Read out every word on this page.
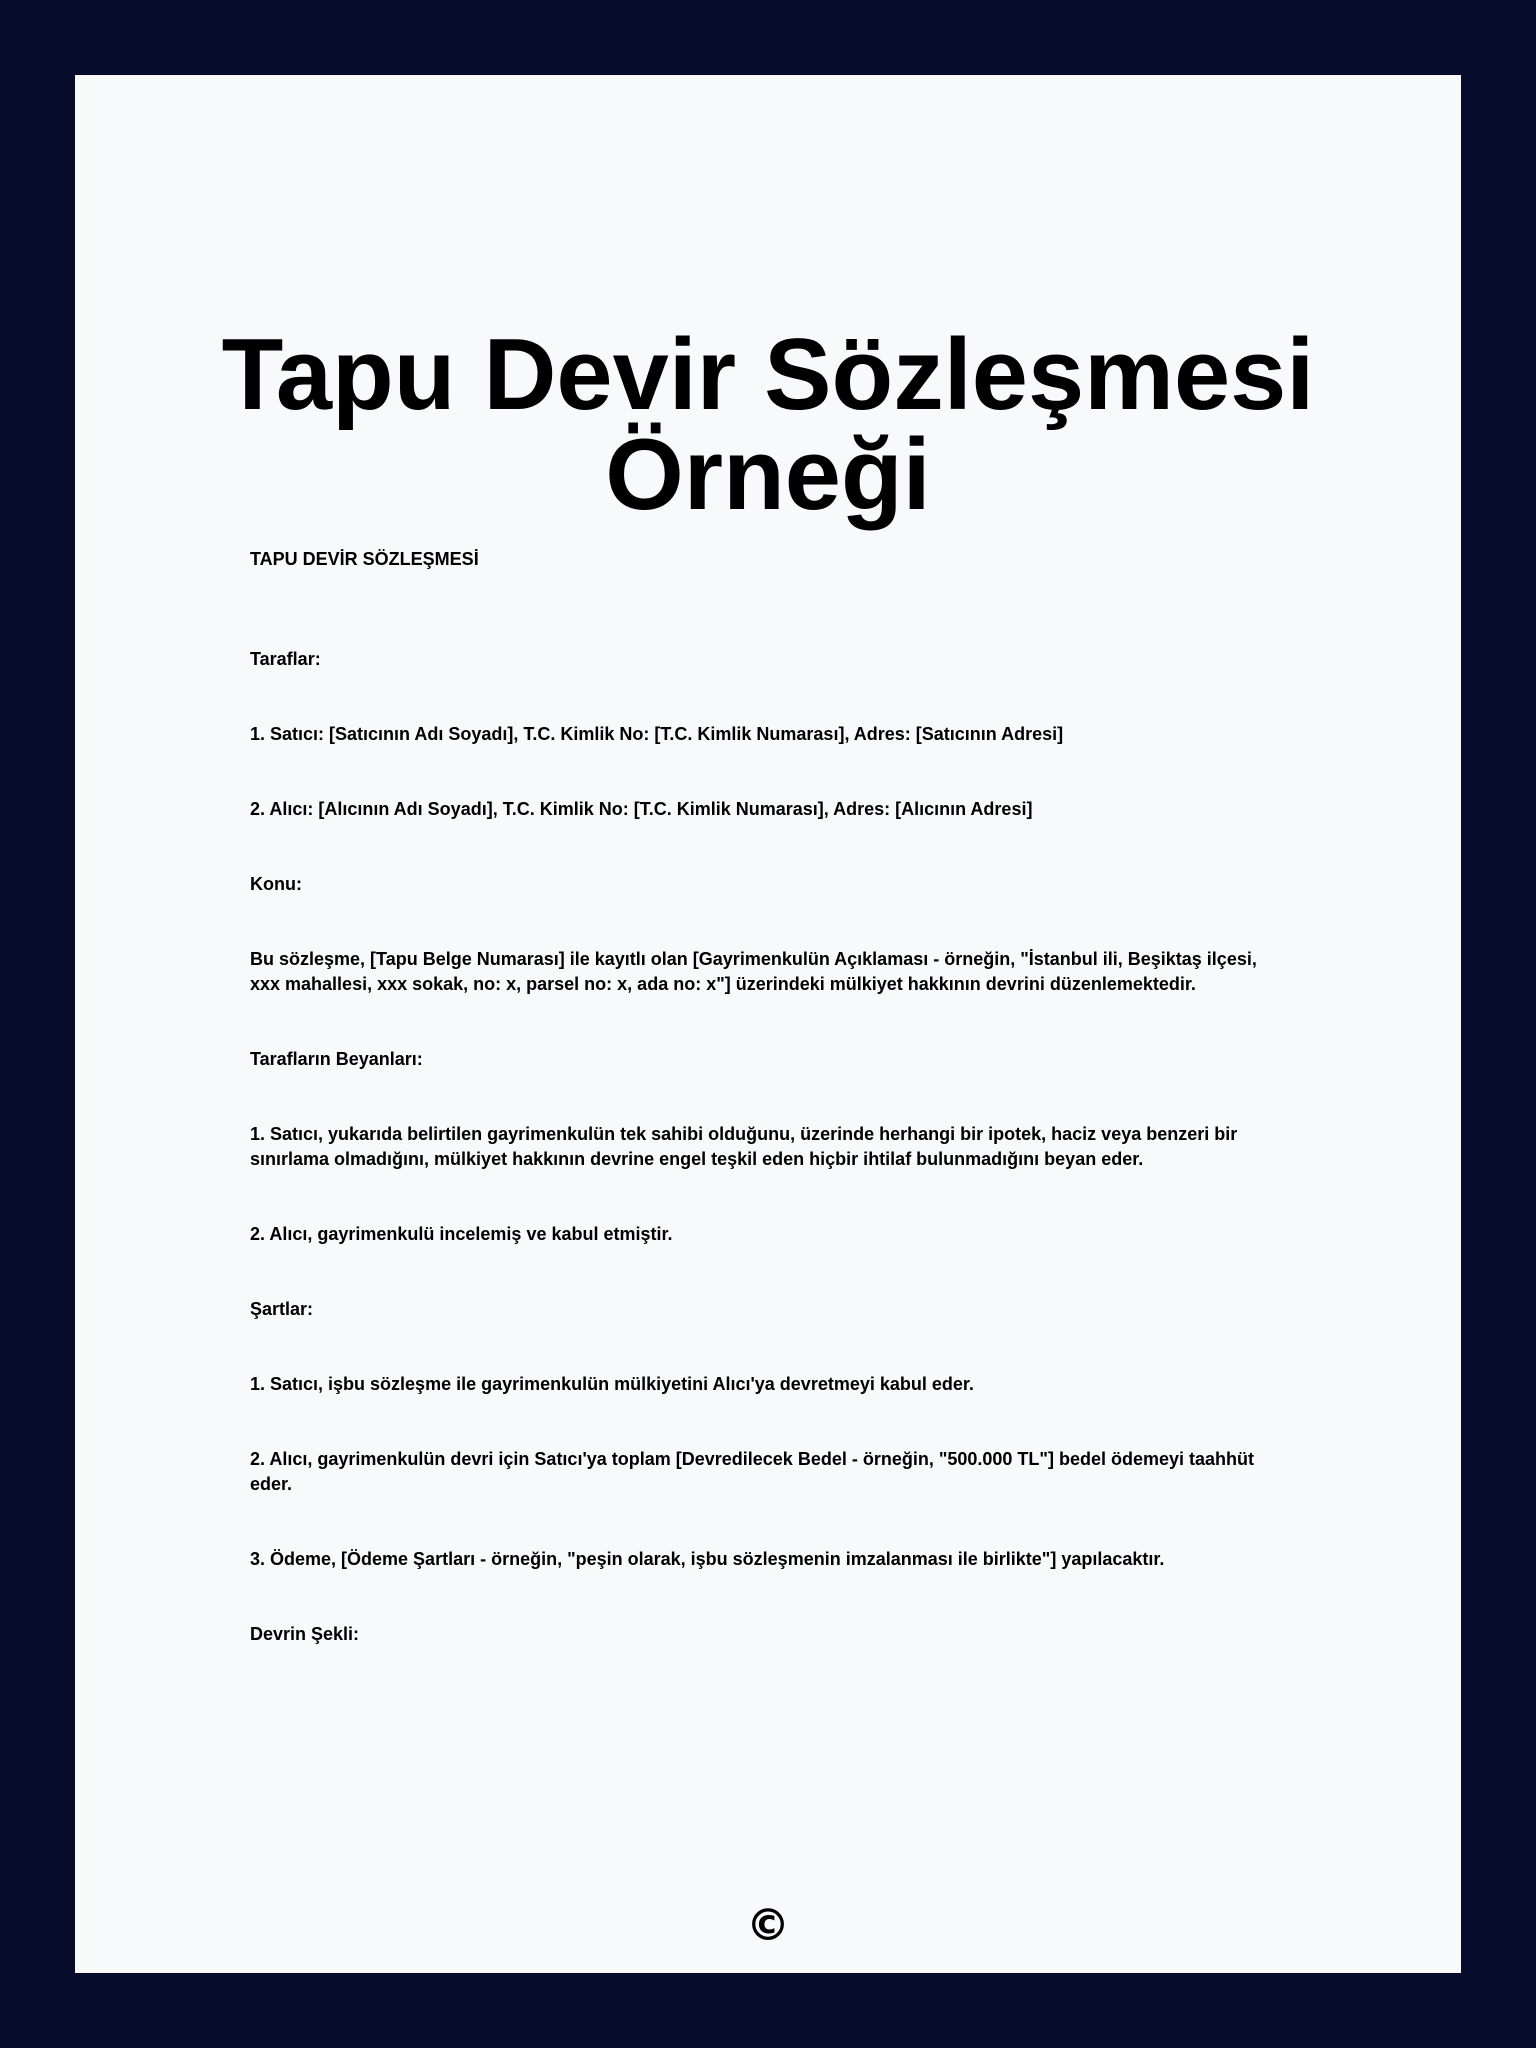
Tapu Devir Sözleşmesi Örneği

TAPU DEVİR SÖZLEŞMESİ

Taraflar:

1. Satıcı: [Satıcının Adı Soyadı], T.C. Kimlik No: [T.C. Kimlik Numarası], Adres: [Satıcının Adresi]

2. Alıcı: [Alıcının Adı Soyadı], T.C. Kimlik No: [T.C. Kimlik Numarası], Adres: [Alıcının Adresi]

Konu:

Bu sözleşme, [Tapu Belge Numarası] ile kayıtlı olan [Gayrimenkulün Açıklaması - örneğin, "İstanbul ili, Beşiktaş ilçesi, xxx mahallesi, xxx sokak, no: x, parsel no: x, ada no: x"] üzerindeki mülkiyet hakkının devrini düzenlemektedir.

Tarafların Beyanları:

1. Satıcı, yukarıda belirtilen gayrimenkulün tek sahibi olduğunu, üzerinde herhangi bir ipotek, haciz veya benzeri bir sınırlama olmadığını, mülkiyet hakkının devrine engel teşkil eden hiçbir ihtilaf bulunmadığını beyan eder.

2. Alıcı, gayrimenkulü incelemiş ve kabul etmiştir.

Şartlar:

1. Satıcı, işbu sözleşme ile gayrimenkulün mülkiyetini Alıcı'ya devretmeyi kabul eder.

2. Alıcı, gayrimenkulün devri için Satıcı'ya toplam [Devredilecek Bedel - örneğin, "500.000 TL"] bedel ödemeyi taahhüt eder.

3. Ödeme, [Ödeme Şartları - örneğin, "peşin olarak, işbu sözleşmenin imzalanması ile birlikte"] yapılacaktır.

Devrin Şekli:

©
